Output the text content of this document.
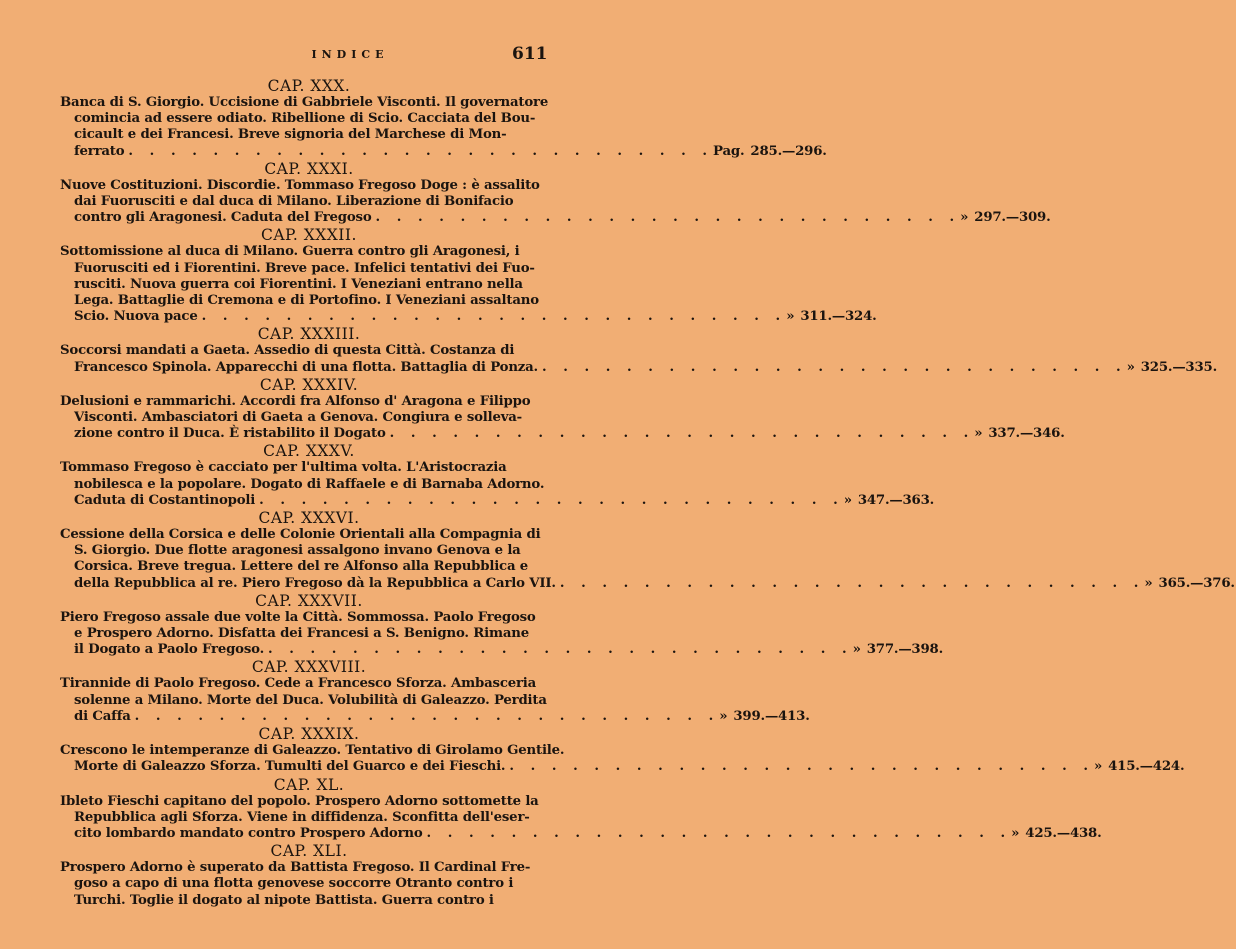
INDICE	611
CAP. XXX.
Banca di S. Giorgio. Uccisione di Gabbriele Visconti. Il governatore
comincia ad essere odiato. Ribellione di Scio. Cacciata del Bou-
cicault e dei Francesi. Breve signoria del Marchese di Mon-
ferrato . . . . . . . . . . . . . . . . . . . . . . . . . . . . Pag. 285.—296.
CAP. XXXI.
Nuove Costituzioni. Discordie. Tommaso Fregoso Doge : è assalito
dai Fuorusciti e dal duca di Milano. Liberazione di Bonifacio
contro gli Aragonesi. Caduta del Fregoso . . . . . . . . . . . . . . . . . . . . . . . . . . . . » 297.—309.
CAP. XXXII.
Sottomissione al duca di Milano. Guerra contro gli Aragonesi, i
Fuorusciti ed i Fiorentini. Breve pace. Infelici tentativi dei Fuo-
rusciti. Nuova guerra coi Fiorentini. I Veneziani entrano nella
Lega. Battaglie di Cremona e di Portofino. I Veneziani assaltano
Scio. Nuova pace . . . . . . . . . . . . . . . . . . . . . . . . . . . . » 311.—324.
CAP. XXXIII.
Soccorsi mandati a Gaeta. Assedio di questa Città. Costanza di
Francesco Spinola. Apparecchi di una flotta. Battaglia di Ponza. . . . . . . . . . . . . . . . . . . . . . . . . . . . . » 325.—335.
CAP. XXXIV.
Delusioni e rammarichi. Accordi fra Alfonso d' Aragona e Filippo
Visconti. Ambasciatori di Gaeta a Genova. Congiura e solleva-
zione contro il Duca. È ristabilito il Dogato . . . . . . . . . . . . . . . . . . . . . . . . . . . . » 337.—346.
CAP. XXXV.
Tommaso Fregoso è cacciato per l'ultima volta. L'Aristocrazia
nobilesca e la popolare. Dogato di Raffaele e di Barnaba Adorno.
Caduta di Costantinopoli . . . . . . . . . . . . . . . . . . . . . . . . . . . . » 347.—363.
CAP. XXXVI.
Cessione della Corsica e delle Colonie Orientali alla Compagnia di
S. Giorgio. Due flotte aragonesi assalgono invano Genova e la
Corsica. Breve tregua. Lettere del re Alfonso alla Repubblica e
della Repubblica al re. Piero Fregoso dà la Repubblica a Carlo VII. . . . . . . . . . . . . . . . . . . . . . . . . . . . . » 365.—376.
CAP. XXXVII.
Piero Fregoso assale due volte la Città. Sommossa. Paolo Fregoso
e Prospero Adorno. Disfatta dei Francesi a S. Benigno. Rimane
il Dogato a Paolo Fregoso. . . . . . . . . . . . . . . . . . . . . . . . . . . . . » 377.—398.
CAP. XXXVIII.
Tirannide di Paolo Fregoso. Cede a Francesco Sforza. Ambasceria
solenne a Milano. Morte del Duca. Volubilità di Galeazzo. Perdita
di Caffa . . . . . . . . . . . . . . . . . . . . . . . . . . . . » 399.—413.
CAP. XXXIX.
Crescono le intemperanze di Galeazzo. Tentativo di Girolamo Gentile.
Morte di Galeazzo Sforza. Tumulti del Guarco e dei Fieschi. . . . . . . . . . . . . . . . . . . . . . . . . . . . . » 415.—424.
CAP. XL.
Ibleto Fieschi capitano del popolo. Prospero Adorno sottomette la
Repubblica agli Sforza. Viene in diffidenza. Sconfitta dell'eser-
cito lombardo mandato contro Prospero Adorno . . . . . . . . . . . . . . . . . . . . . . . . . . . . » 425.—438.
CAP. XLI.
Prospero Adorno è superato da Battista Fregoso. Il Cardinal Fre-
goso a capo di una flotta genovese soccorre Otranto contro i
Turchi. Toglie il dogato al nipote Battista. Guerra contro i
